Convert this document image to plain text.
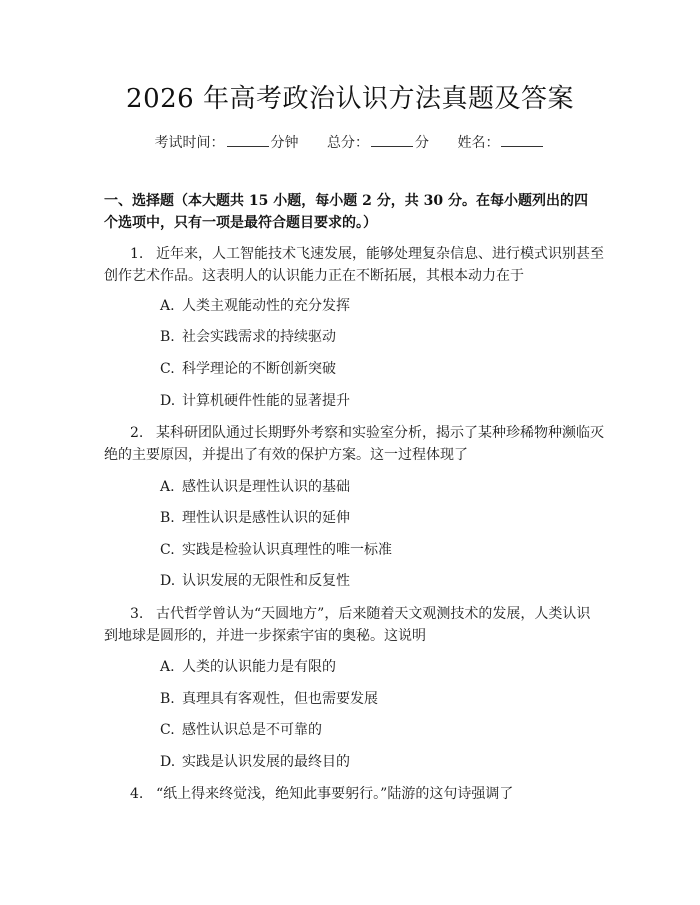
2026 年高考政治认识方法真题及答案
考试时间：	分钟 总分：	分 姓名：
一、选择题（本大题共 15 小题，每小题 2 分，共 30 分。在每小题列出的四个选项中，只有一项是最符合题目要求的。）
1. 近年来，人工智能技术飞速发展，能够处理复杂信息、进行模式识别甚至创作艺术作品。这表明人的认识能力正在不断拓展，其根本动力在于
A. 人类主观能动性的充分发挥
B. 社会实践需求的持续驱动
C. 科学理论的不断创新突破
D. 计算机硬件性能的显著提升
2. 某科研团队通过长期野外考察和实验室分析，揭示了某种珍稀物种濒临灭绝的主要原因，并提出了有效的保护方案。这一过程体现了
A. 感性认识是理性认识的基础
B. 理性认识是感性认识的延伸
C. 实践是检验认识真理性的唯一标准
D. 认识发展的无限性和反复性
3. 古代哲学曾认为“天圆地方”，后来随着天文观测技术的发展，人类认识到地球是圆形的，并进一步探索宇宙的奥秘。这说明
A. 人类的认识能力是有限的
B. 真理具有客观性，但也需要发展
C. 感性认识总是不可靠的
D. 实践是认识发展的最终目的
4. “纸上得来终觉浅，绝知此事要躬行。”陆游的这句诗强调了
